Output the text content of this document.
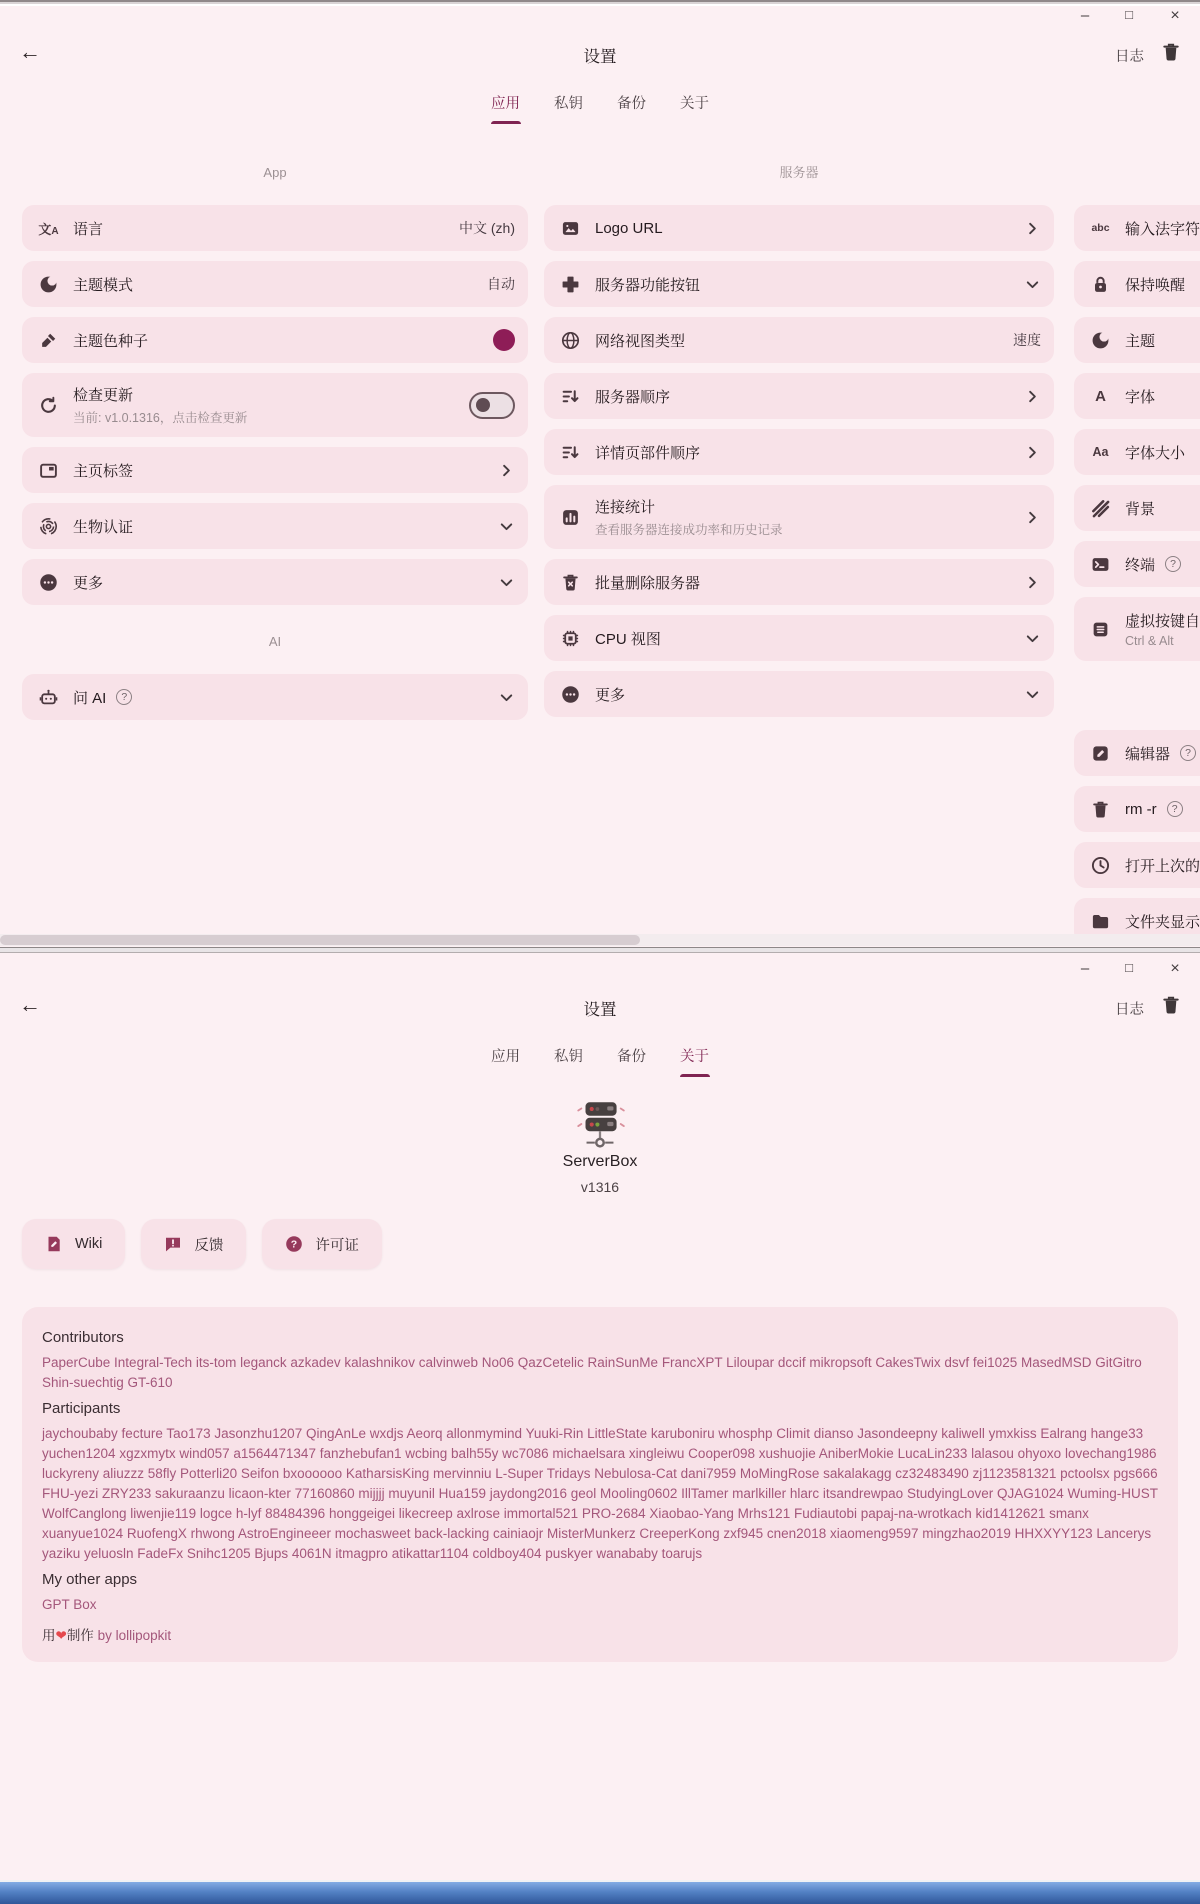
–	□	×
←	设置	日志
应用 私钥 备份 关于
App
文A 语言	中文 (zh)
主题模式	自动
主题色种子
检查更新
当前: v1.0.1316，点击检查更新
主页标签
生物认证
更多
AI
问 AI	?
服务器
Logo URL
服务器功能按钮
网络视图类型	速度
服务器顺序
详情页部件顺序
连接统计
查看服务器连接成功率和历史记录
批量删除服务器
CPU 视图
更多
abc 输入法字符
保持唤醒
主题
A 字体
Aa 字体大小
背景
终端	?
虚拟按键自
Ctrl & Alt
编辑器	?
rm -r	?
打开上次的
文件夹显示
–	□	×
←	设置	日志
应用 私钥 备份 关于
ServerBox
v1316
Wiki	反馈	? 许可证
Contributors
PaperCube Integral-Tech its-tom leganck azkadev kalashnikov calvinweb No06 QazCetelic RainSunMe FrancXPT Liloupar dccif mikropsoft CakesTwix dsvf fei1025 MasedMSD GitGitro Shin-suechtig GT-610
Participants
jaychoubaby fecture Tao173 Jasonzhu1207 QingAnLe wxdjs Aeorq allonmymind Yuuki-Rin LittleState karuboniru whosphp Climit dianso Jasondeepny kaliwell ymxkiss Ealrang hange33 yuchen1204 xgzxmytx wind057 a1564471347 fanzhebufan1 wcbing balh55y wc7086 michaelsara xingleiwu Cooper098 xushuojie AniberMokie LucaLin233 lalasou ohyoxo lovechang1986 luckyreny aliuzzz 58fly Potterli20 Seifon bxoooooo KatharsisKing mervinniu L-Super Tridays Nebulosa-Cat dani7959 MoMingRose sakalakagg cz32483490 zj1123581321 pctoolsx pgs666 FHU-yezi ZRY233 sakuraanzu licaon-kter 77160860 mijjjj muyunil Hua159 jaydong2016 geol Mooling0602 IllTamer marlkiller hlarc itsandrewpao StudyingLover QJAG1024 Wuming-HUST WolfCanglong liwenjie119 logce h-lyf 88484396 honggeigei likecreep axlrose immortal521 PRO-2684 Xiaobao-Yang Mrhs121 Fudiautobi papaj-na-wrotkach kid1412621 smanx xuanyue1024 RuofengX rhwong AstroEngineeer mochasweet back-lacking cainiaojr MisterMunkerz CreeperKong zxf945 cnen2018 xiaomeng9597 mingzhao2019 HHXXYY123 Lancerys yaziku yeluosln FadeFx Snihc1205 Bjups 4061N itmagpro atikattar1104 coldboy404 puskyer wanababy toarujs
My other apps
GPT Box
用❤制作 by lollipopkit
